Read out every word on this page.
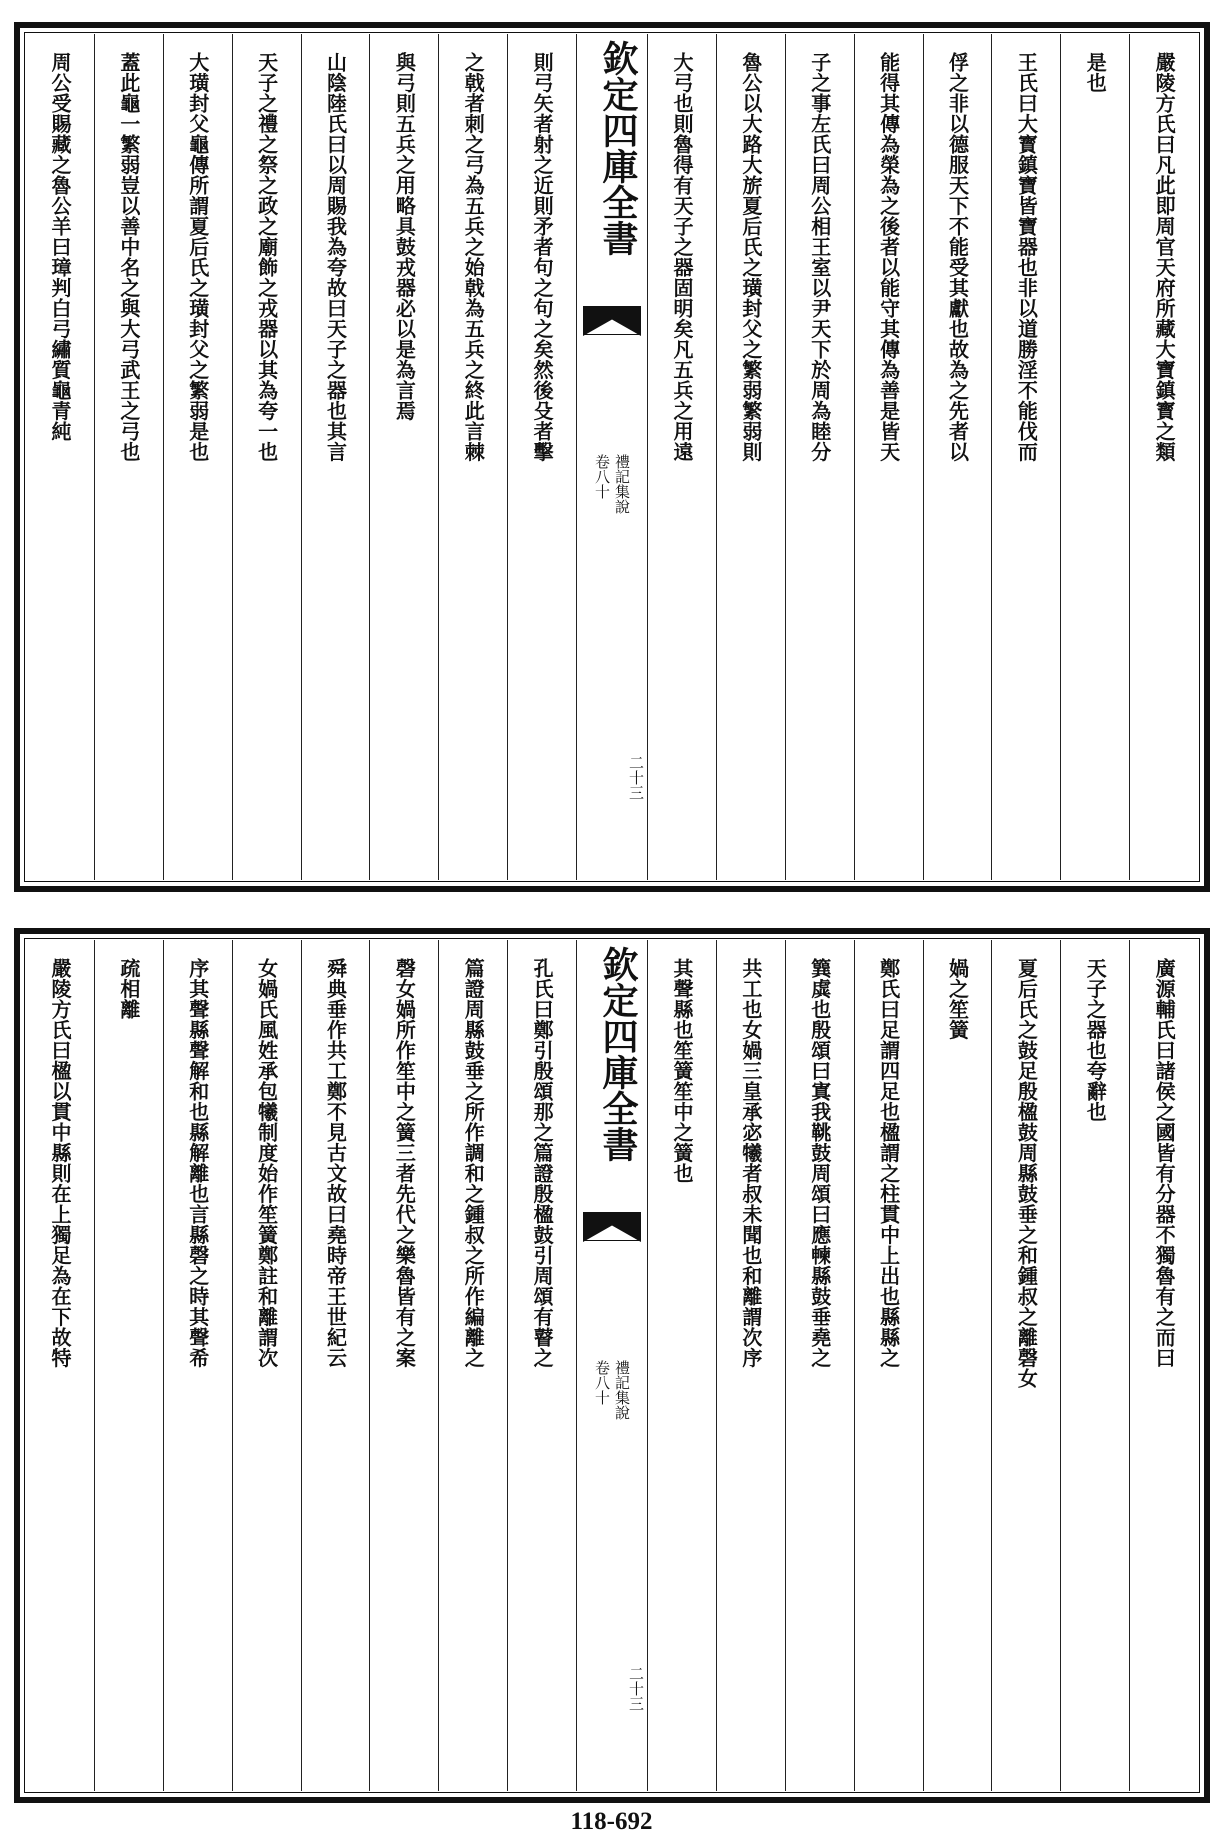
嚴陵方氏曰凡此即周官天府所藏大寶鎮寳之類
是也
王氏曰大寳鎮寶皆寶器也非以道勝淫不能伐而
俘之非以德服天下不能受其獻也故為之先者以
能得其傳為榮為之後者以能守其傳為善是皆天
子之事左氏曰周公相王室以尹天下於周為睦分
魯公以大路大旂夏后氏之璜封父之繁弱繁弱則
大弓也則魯得有天子之器固明矣凡五兵之用遠
欽定四庫全書
禮記集說
卷八十
二十三
則弓矢者射之近則矛者句之句之矣然後殳者擊
之戟者刺之弓為五兵之始戟為五兵之終此言棘
與弓則五兵之用略具鼓戎器必以是為言焉
山陰陸氏曰以周賜我為夸故曰天子之器也其言
天子之禮之祭之政之廟飾之戎器以其為夸一也
大璜封父龜傳所謂夏后氏之璜封父之繁弱是也
蓋此龜一繁弱豈以善中名之與大弓武王之弓也
周公受賜藏之魯公羊曰璋判白弓繡質龜青純
廣源輔氏曰諸侯之國皆有分器不獨魯有之而曰
天子之器也夸辭也
夏后氏之鼓足殷楹鼓周縣鼓垂之和鍾叔之離磬女
媧之笙簧
鄭氏曰足謂四足也楹謂之柱貫中上出也縣縣之
簨虡也殷頌曰寘我鞉鼓周頌曰應朄縣鼓垂堯之
共工也女媧三皇承宓犧者叔未聞也和離謂次序
其聲縣也笙簧笙中之簧也
欽定四庫全書
禮記集說
卷八十
二十三
孔氏曰鄭引殷頌那之篇證殷楹鼓引周頌有瞽之
篇證周縣鼓垂之所作調和之鍾叔之所作編離之
磬女媧所作笙中之簧三者先代之樂魯皆有之案
舜典垂作共工鄭不見古文故曰堯時帝王世紀云
女媧氏風姓承包犧制度始作笙簧鄭註和離謂次
序其聲縣聲解和也縣解離也言縣磬之時其聲希
疏相離
嚴陵方氏曰楹以貫中縣則在上獨足為在下故特
118-692
